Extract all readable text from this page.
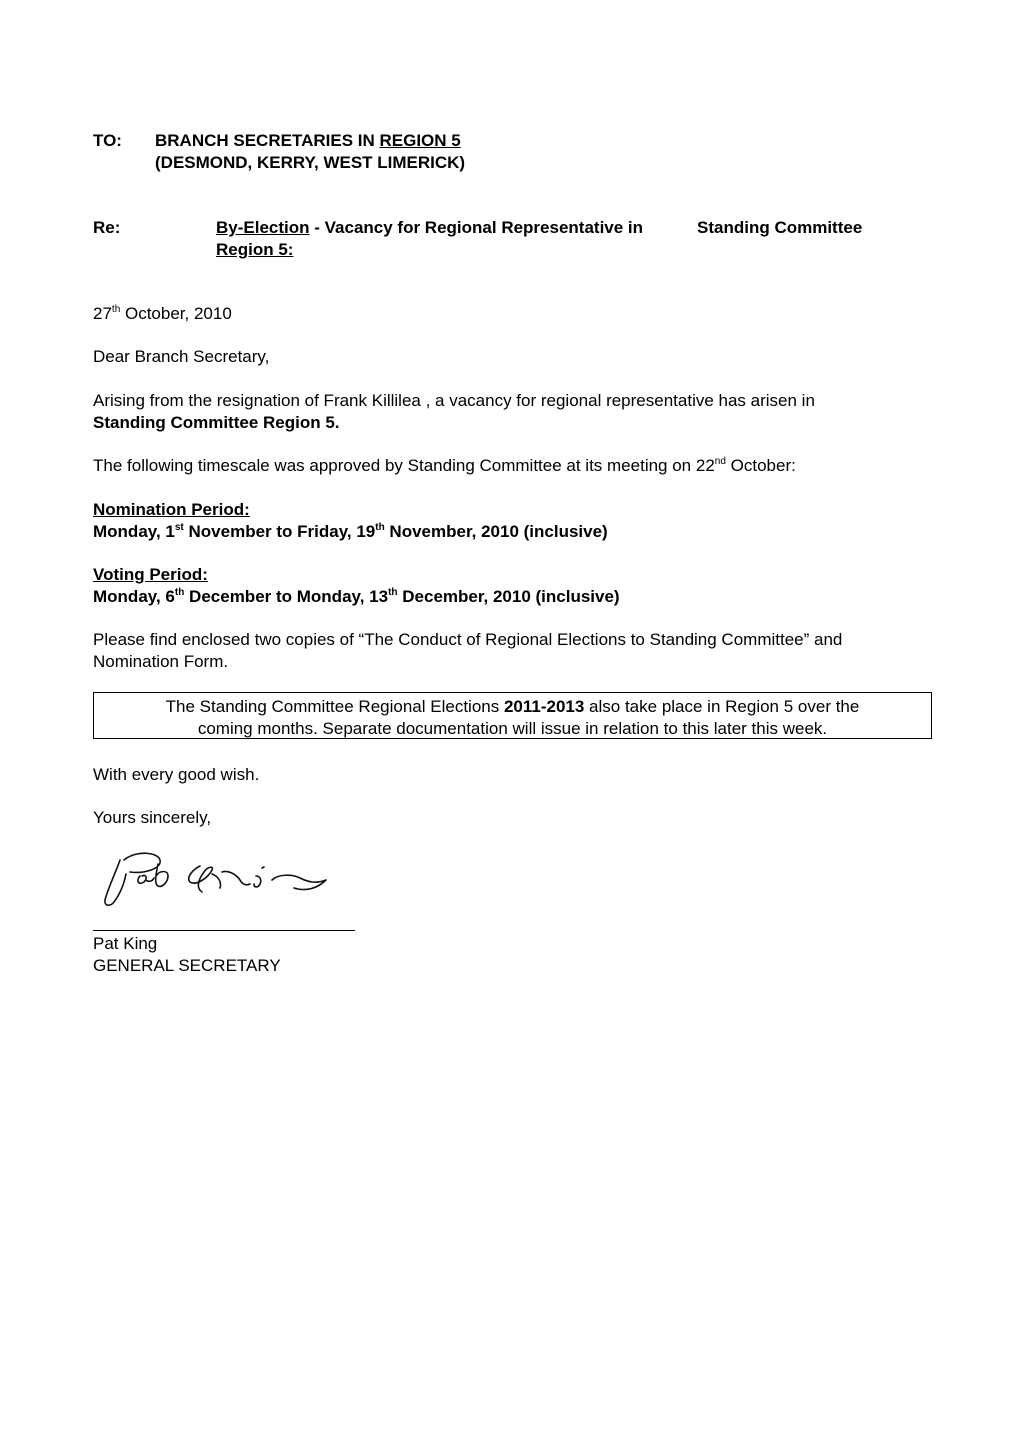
TO: BRANCH SECRETARIES IN REGION 5
(DESMOND, KERRY, WEST LIMERICK)
Re:	By-Election - Vacancy for Regional Representative in	Standing Committee
Region 5:
27th October, 2010
Dear Branch Secretary,
Arising from the resignation of Frank Killilea , a vacancy for regional representative has arisen in
Standing Committee Region 5.
The following timescale was approved by Standing Committee at its meeting on 22nd October:
Nomination Period:
Monday, 1st November to Friday, 19th November, 2010 (inclusive)
Voting Period:
Monday, 6th December to Monday, 13th December, 2010 (inclusive)
Please find enclosed two copies of “The Conduct of Regional Elections to Standing Committee” and
Nomination Form.
The Standing Committee Regional Elections 2011-2013 also take place in Region 5 over the
coming months. Separate documentation will issue in relation to this later this week.
With every good wish.
Yours sincerely,
Pat King
GENERAL SECRETARY
